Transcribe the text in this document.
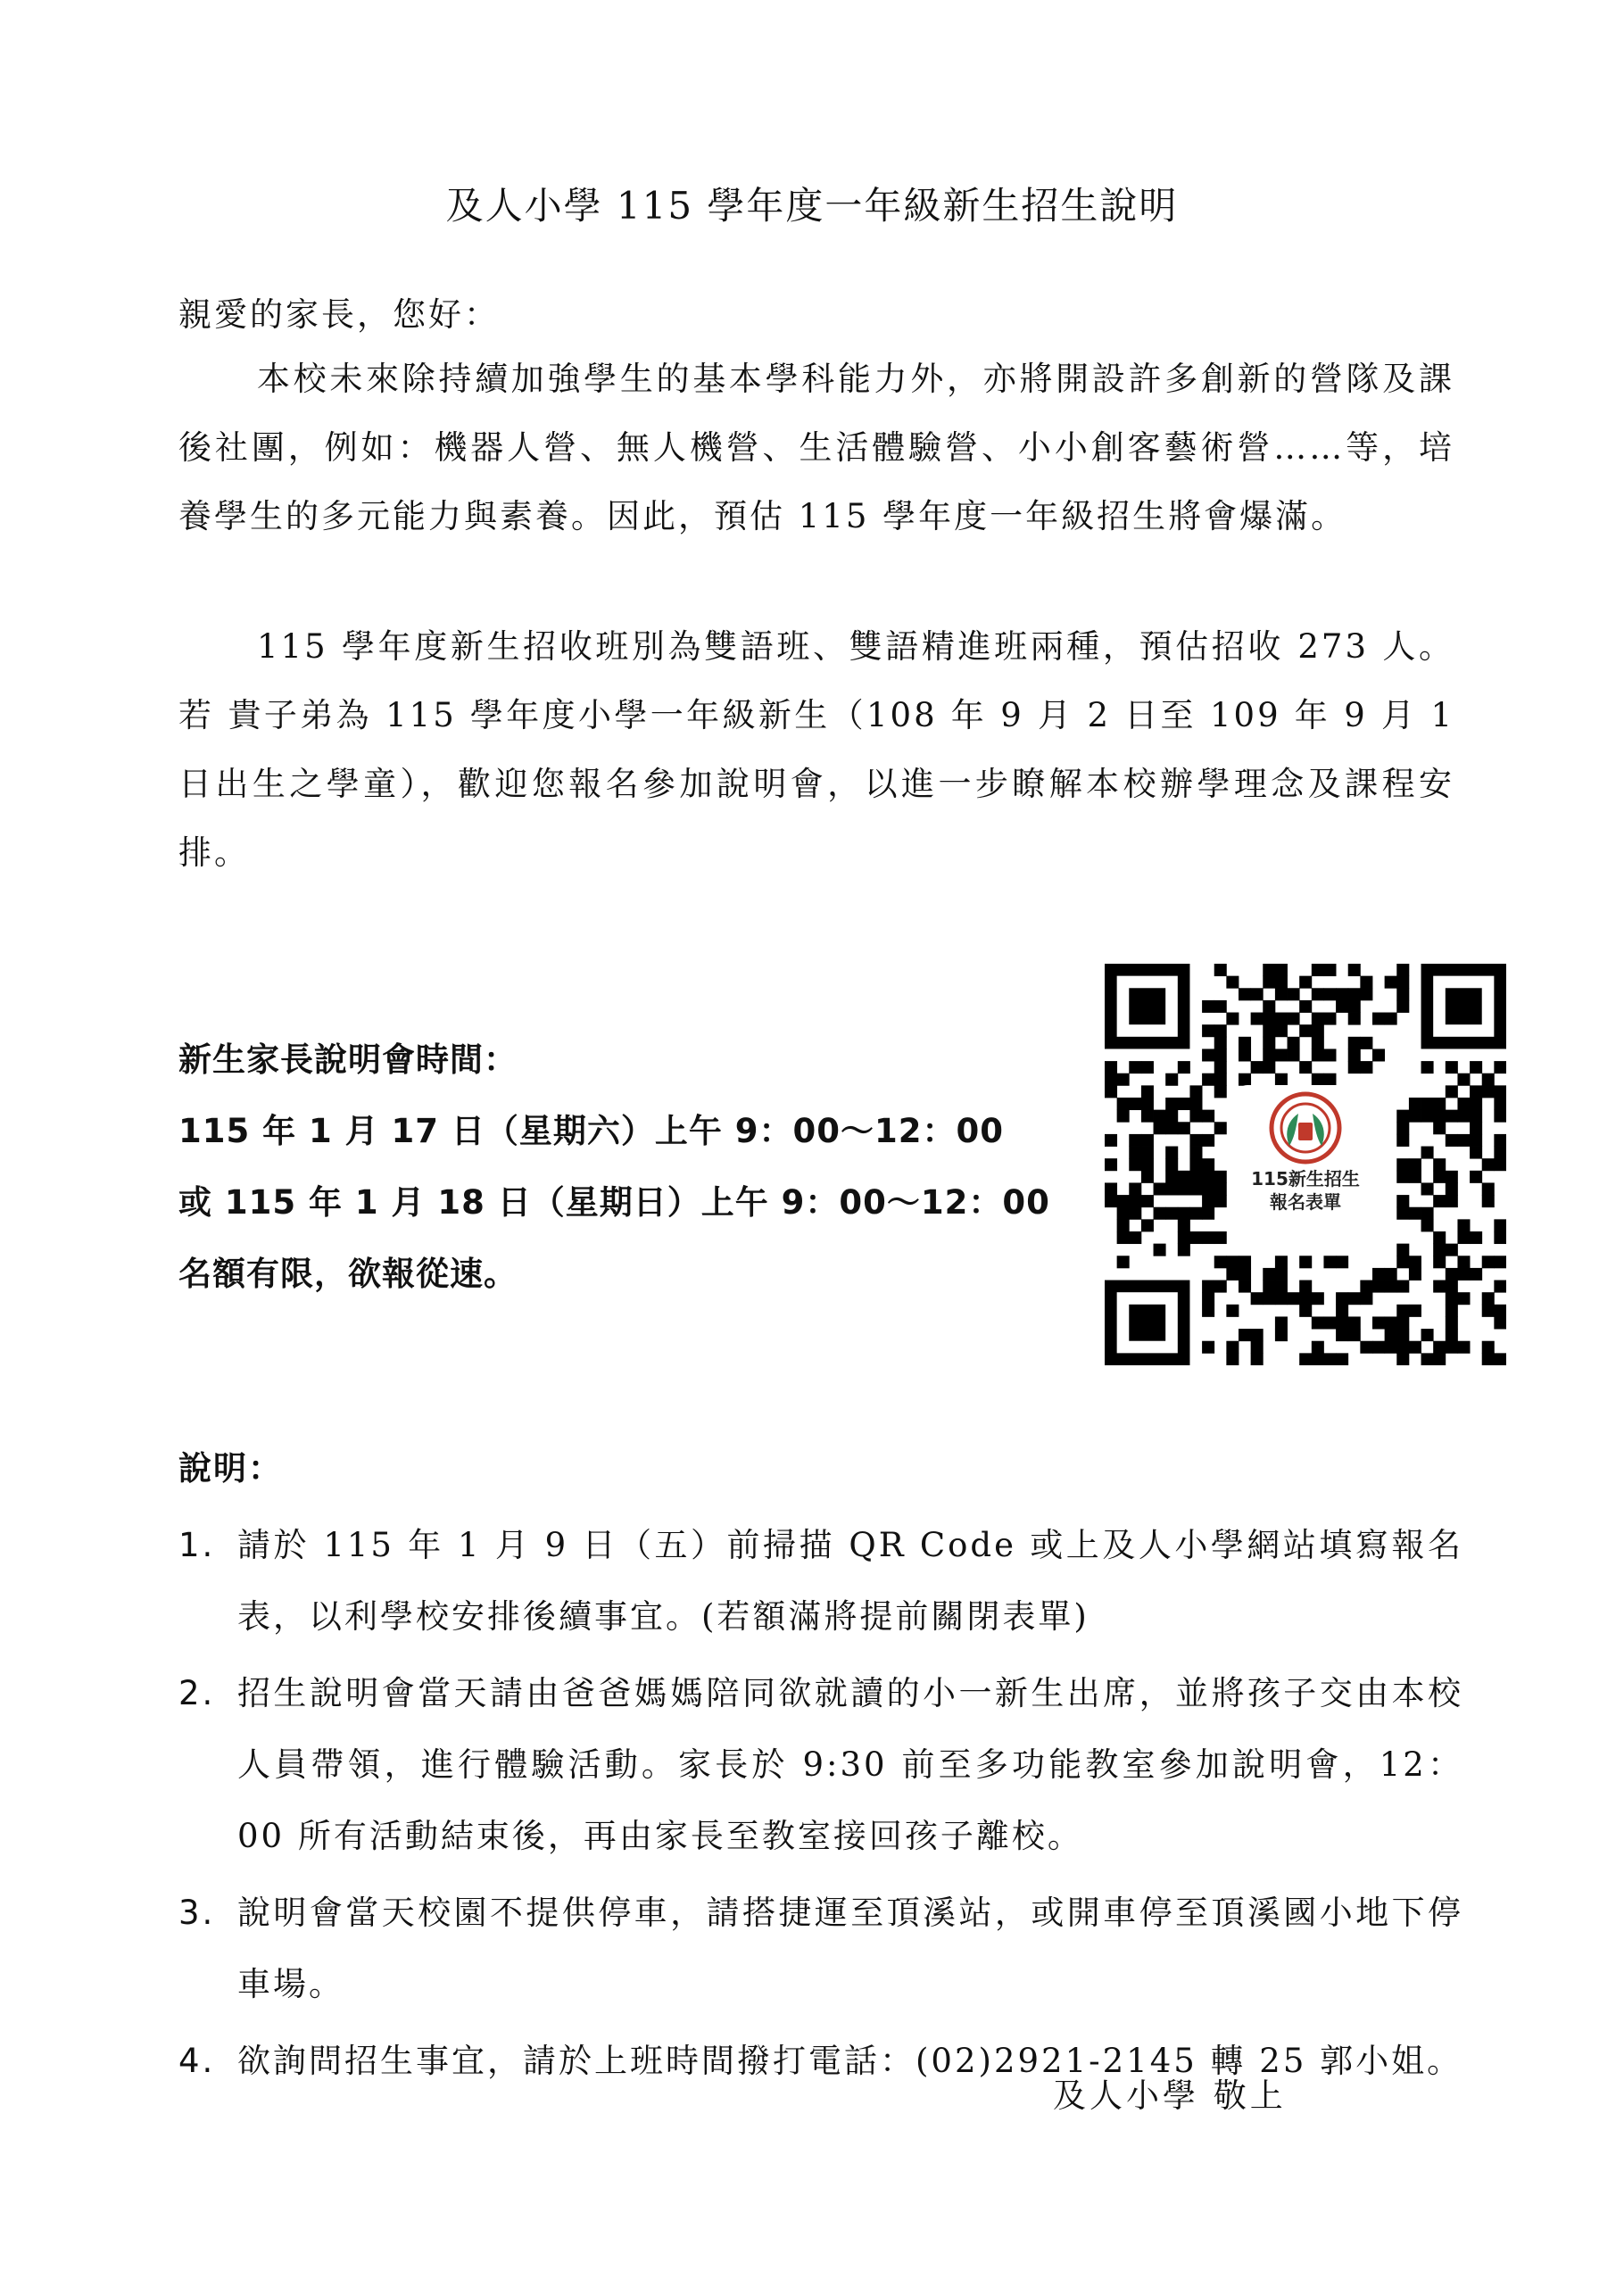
及人小學 115 學年度一年級新生招生說明
親愛的家長，您好：
本校未來除持續加強學生的基本學科能力外，亦將開設許多創新的營隊及課後社團，例如：機器人營、無人機營、生活體驗營、小小創客藝術營……等，培養學生的多元能力與素養。因此，預估 115 學年度一年級招生將會爆滿。
115 學年度新生招收班別為雙語班、雙語精進班兩種，預估招收 273 人。若 貴子弟為 115 學年度小學一年級新生（108 年 9 月 2 日至 109 年 9 月 1 日出生之學童），歡迎您報名參加說明會，以進一步瞭解本校辦學理念及課程安排。
新生家長說明會時間：
115 年 1 月 17 日（星期六）上午 9：00～12：00
或 115 年 1 月 18 日（星期日）上午 9：00～12：00
名額有限，欲報從速。
115新生招生
報名表單
說明：
1. 請於 115 年 1 月 9 日（五）前掃描 QR Code 或上及人小學網站填寫報名表，以利學校安排後續事宜。(若額滿將提前關閉表單)
2. 招生說明會當天請由爸爸媽媽陪同欲就讀的小一新生出席，並將孩子交由本校人員帶領，進行體驗活動。家長於 9:30 前至多功能教室參加說明會，12：00 所有活動結束後，再由家長至教室接回孩子離校。
3. 說明會當天校園不提供停車，請搭捷運至頂溪站，或開車停至頂溪國小地下停車場。
4. 欲詢問招生事宜，請於上班時間撥打電話：(02)2921-2145 轉 25 郭小姐。
及人小學 敬上
